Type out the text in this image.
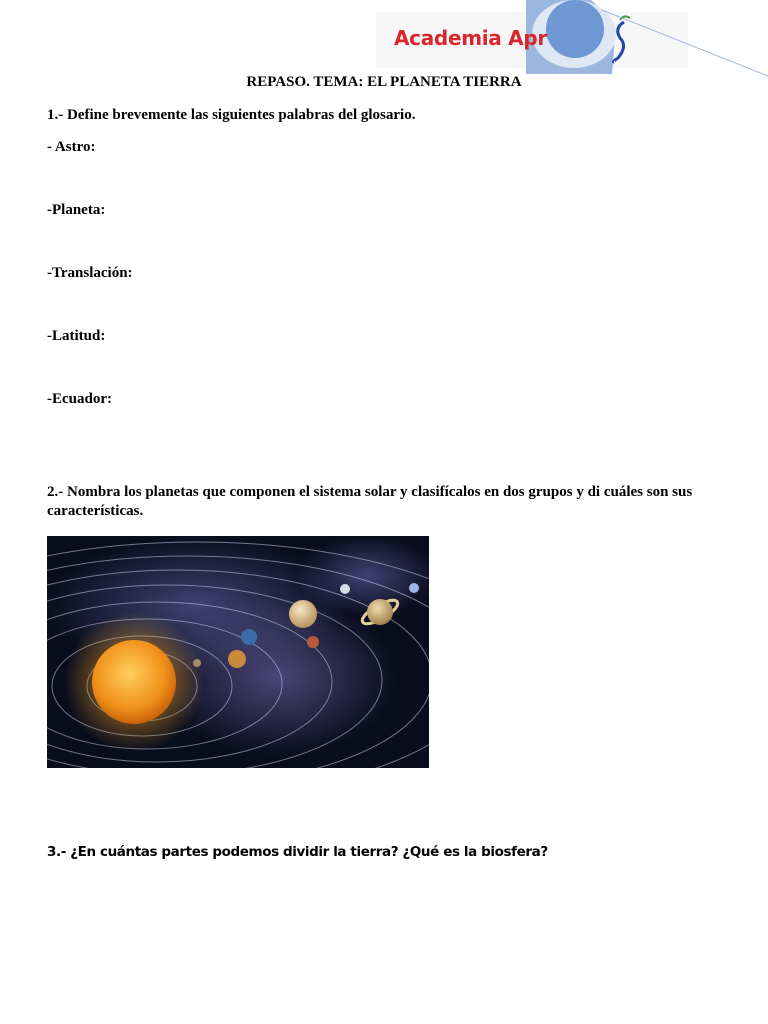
Academia Apr
REPASO. TEMA: EL PLANETA TIERRA
1.- Define brevemente las siguientes palabras del glosario.
- Astro:
-Planeta:
-Translación:
-Latitud:
-Ecuador:
2.- Nombra los planetas que componen el sistema solar y clasifícalos en dos grupos y di cuáles son sus características.
3.- ¿En cuántas partes podemos dividir la tierra? ¿Qué es la biosfera?
